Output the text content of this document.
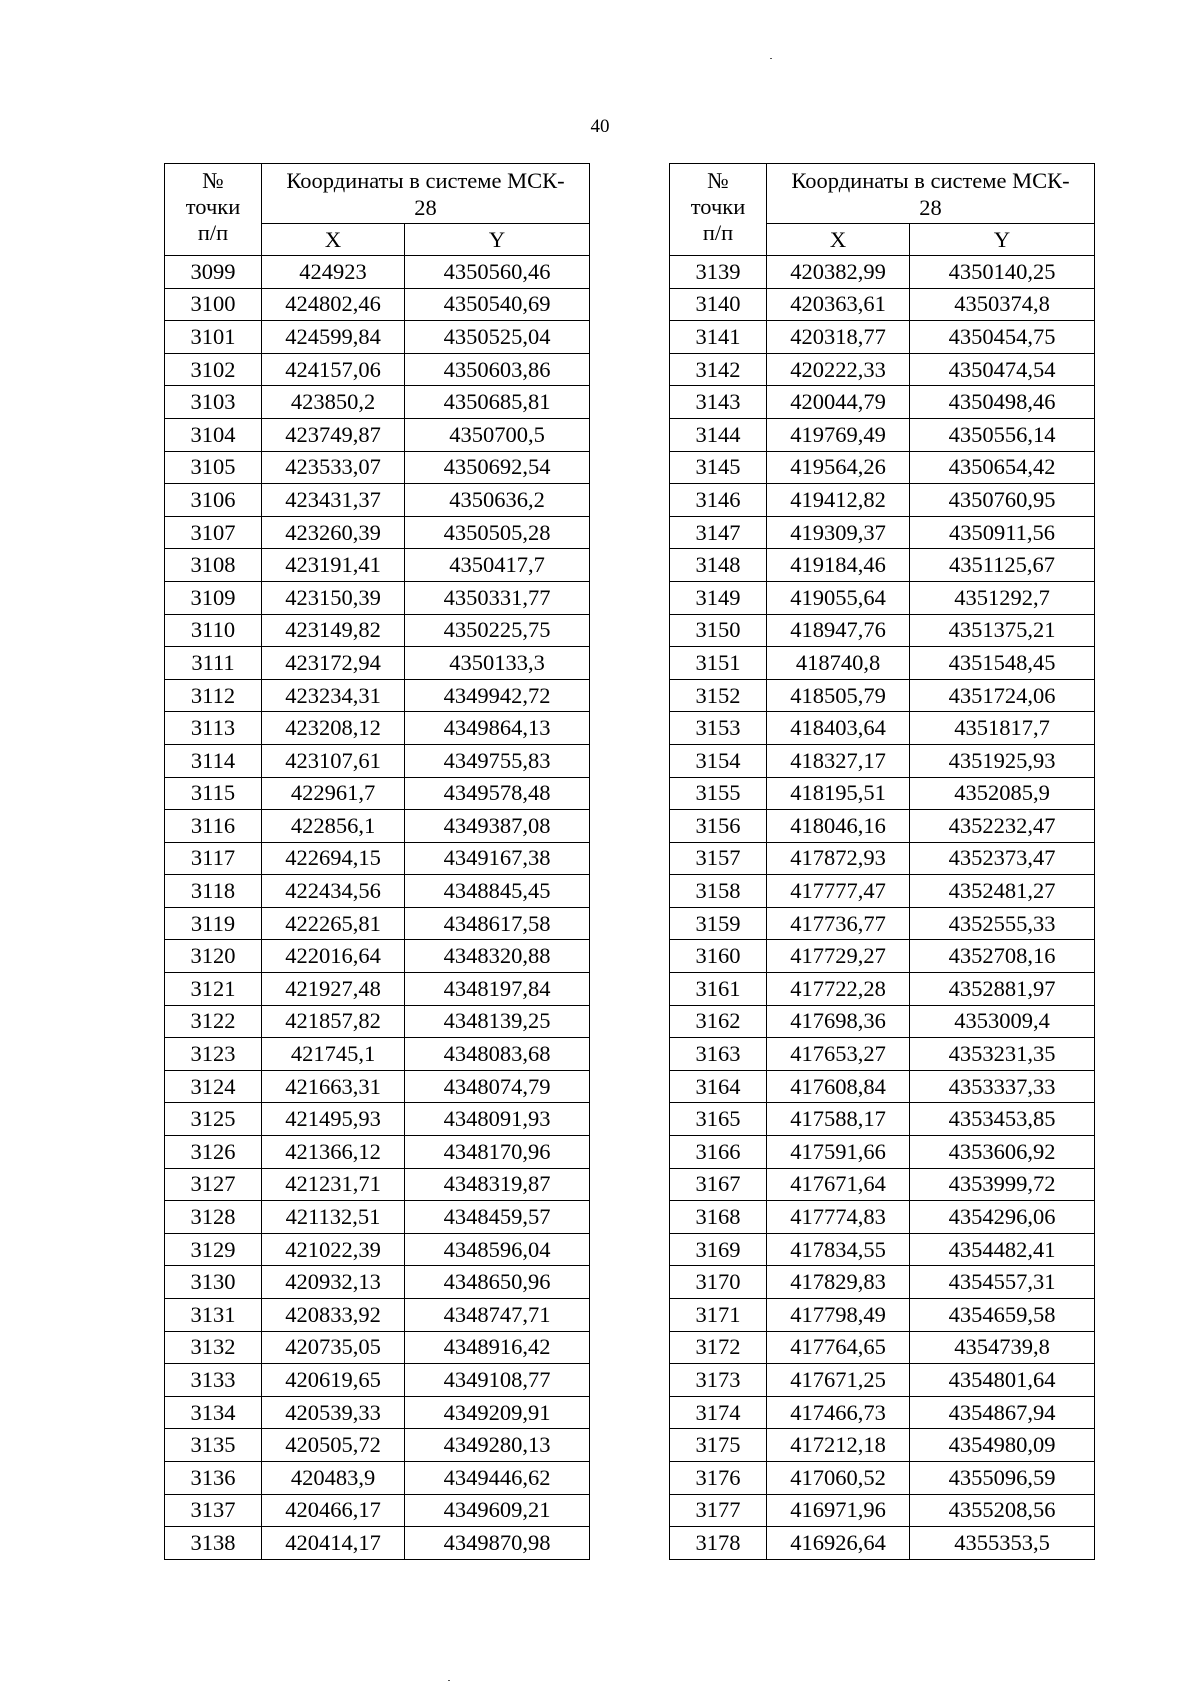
40
№
точки
п/п	Координаты в системе МСК-
28	
	X	Y
3099	424923	4350560,46
3100	424802,46	4350540,69
3101	424599,84	4350525,04
3102	424157,06	4350603,86
3103	423850,2	4350685,81
3104	423749,87	4350700,5
3105	423533,07	4350692,54
3106	423431,37	4350636,2
3107	423260,39	4350505,28
3108	423191,41	4350417,7
3109	423150,39	4350331,77
3110	423149,82	4350225,75
3111	423172,94	4350133,3
3112	423234,31	4349942,72
3113	423208,12	4349864,13
3114	423107,61	4349755,83
3115	422961,7	4349578,48
3116	422856,1	4349387,08
3117	422694,15	4349167,38
3118	422434,56	4348845,45
3119	422265,81	4348617,58
3120	422016,64	4348320,88
3121	421927,48	4348197,84
3122	421857,82	4348139,25
3123	421745,1	4348083,68
3124	421663,31	4348074,79
3125	421495,93	4348091,93
3126	421366,12	4348170,96
3127	421231,71	4348319,87
3128	421132,51	4348459,57
3129	421022,39	4348596,04
3130	420932,13	4348650,96
3131	420833,92	4348747,71
3132	420735,05	4348916,42
3133	420619,65	4349108,77
3134	420539,33	4349209,91
3135	420505,72	4349280,13
3136	420483,9	4349446,62
3137	420466,17	4349609,21
3138	420414,17	4349870,98
№
точки
п/п	Координаты в системе МСК-
28	
	X	Y
3139	420382,99	4350140,25
3140	420363,61	4350374,8
3141	420318,77	4350454,75
3142	420222,33	4350474,54
3143	420044,79	4350498,46
3144	419769,49	4350556,14
3145	419564,26	4350654,42
3146	419412,82	4350760,95
3147	419309,37	4350911,56
3148	419184,46	4351125,67
3149	419055,64	4351292,7
3150	418947,76	4351375,21
3151	418740,8	4351548,45
3152	418505,79	4351724,06
3153	418403,64	4351817,7
3154	418327,17	4351925,93
3155	418195,51	4352085,9
3156	418046,16	4352232,47
3157	417872,93	4352373,47
3158	417777,47	4352481,27
3159	417736,77	4352555,33
3160	417729,27	4352708,16
3161	417722,28	4352881,97
3162	417698,36	4353009,4
3163	417653,27	4353231,35
3164	417608,84	4353337,33
3165	417588,17	4353453,85
3166	417591,66	4353606,92
3167	417671,64	4353999,72
3168	417774,83	4354296,06
3169	417834,55	4354482,41
3170	417829,83	4354557,31
3171	417798,49	4354659,58
3172	417764,65	4354739,8
3173	417671,25	4354801,64
3174	417466,73	4354867,94
3175	417212,18	4354980,09
3176	417060,52	4355096,59
3177	416971,96	4355208,56
3178	416926,64	4355353,5
